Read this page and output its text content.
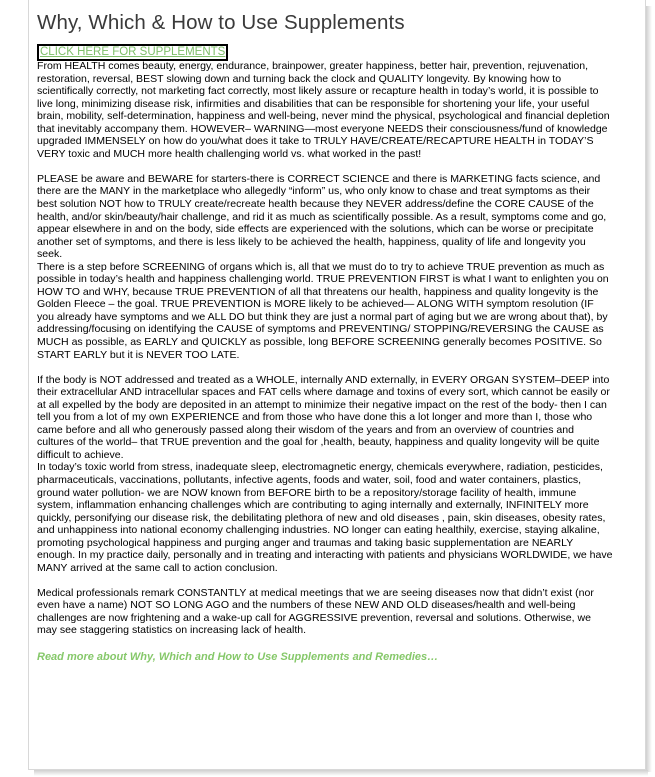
Why, Which & How to Use Supplements
CLICK HERE FOR SUPPLEMENTS

From HEALTH comes beauty, energy, endurance, brainpower, greater happiness, better hair, prevention, rejuvenation, restoration, reversal, BEST slowing down and turning back the clock and QUALITY longevity. By knowing how to scientifically correctly, not marketing fact correctly, most likely assure or recapture health in today’s world, it is possible to live long, minimizing disease risk, infirmities and disabilities that can be responsible for shortening your life, your useful brain, mobility, self-determination, happiness and well-being, never mind the physical, psychological and financial depletion that inevitably accompany them. HOWEVER– WARNING—most everyone NEEDS their consciousness/fund of knowledge upgraded IMMENSELY on how do you/what does it take to TRULY HAVE/CREATE/RECAPTURE HEALTH in TODAY’S VERY toxic and MUCH more health challenging world vs. what worked in the past!

PLEASE be aware and BEWARE for starters-there is CORRECT SCIENCE and there is MARKETING facts science, and there are the MANY in the marketplace who allegedly “inform” us, who only know to chase and treat symptoms as their best solution NOT how to TRULY create/recreate health because they NEVER address/define the CORE CAUSE of the health, and/or skin/beauty/hair challenge, and rid it as much as scientifically possible. As a result, symptoms come and go, appear elsewhere in and on the body, side effects are experienced with the solutions, which can be worse or precipitate another set of symptoms, and there is less likely to be achieved the health, happiness, quality of life and longevity you seek.

There is a step before SCREENING of organs which is, all that we must do to try to achieve TRUE prevention as much as possible in today’s health and happiness challenging world. TRUE PREVENTION FIRST is what I want to enlighten you on HOW TO and WHY, because TRUE PREVENTION of all that threatens our health, happiness and quality longevity is the Golden Fleece – the goal. TRUE PREVENTION is MORE likely to be achieved— ALONG WITH symptom resolution (IF you already have symptoms and we ALL DO but think they are just a normal part of aging but we are wrong about that), by addressing/focusing on identifying the CAUSE of symptoms and PREVENTING/ STOPPING/REVERSING the CAUSE as MUCH as possible, as EARLY and QUICKLY as possible, long BEFORE SCREENING generally becomes POSITIVE. So START EARLY but it is NEVER TOO LATE.

If the body is NOT addressed and treated as a WHOLE, internally AND externally, in EVERY ORGAN SYSTEM–DEEP into their extracellular AND intracellular spaces and FAT cells where damage and toxins of every sort, which cannot be easily or at all expelled by the body are deposited in an attempt to minimize their negative impact on the rest of the body- then I can tell you from a lot of my own EXPERIENCE and from those who have done this a lot longer and more than I, those who came before and all who generously passed along their wisdom of the years and from an overview of countries and cultures of the world– that TRUE prevention and the goal for ,health, beauty, happiness and quality longevity will be quite difficult to achieve.

In today’s toxic world from stress, inadequate sleep, electromagnetic energy, chemicals everywhere, radiation, pesticides, pharmaceuticals, vaccinations, pollutants, infective agents, foods and water, soil, food and water containers, plastics, ground water pollution- we are NOW known from BEFORE birth to be a repository/storage facility of health, immune system, inflammation enhancing challenges which are contributing to aging internally and externally, INFINITELY more quickly, personifying our disease risk, the debilitating plethora of new and old diseases , pain, skin diseases, obesity rates, and unhappiness into national economy challenging industries. NO longer can eating healthily, exercise, staying alkaline, promoting psychological happiness and purging anger and traumas and taking basic supplementation are NEARLY enough. In my practice daily, personally and in treating and interacting with patients and physicians WORLDWIDE, we have MANY arrived at the same call to action conclusion.

Medical professionals remark CONSTANTLY at medical meetings that we are seeing diseases now that didn’t exist (nor even have a name) NOT SO LONG AGO and the numbers of these NEW AND OLD diseases/health and well-being challenges are now frightening and a wake-up call for AGGRESSIVE prevention, reversal and solutions. Otherwise, we may see staggering statistics on increasing lack of health.

Read more about Why, Which and How to Use Supplements and Remedies…
